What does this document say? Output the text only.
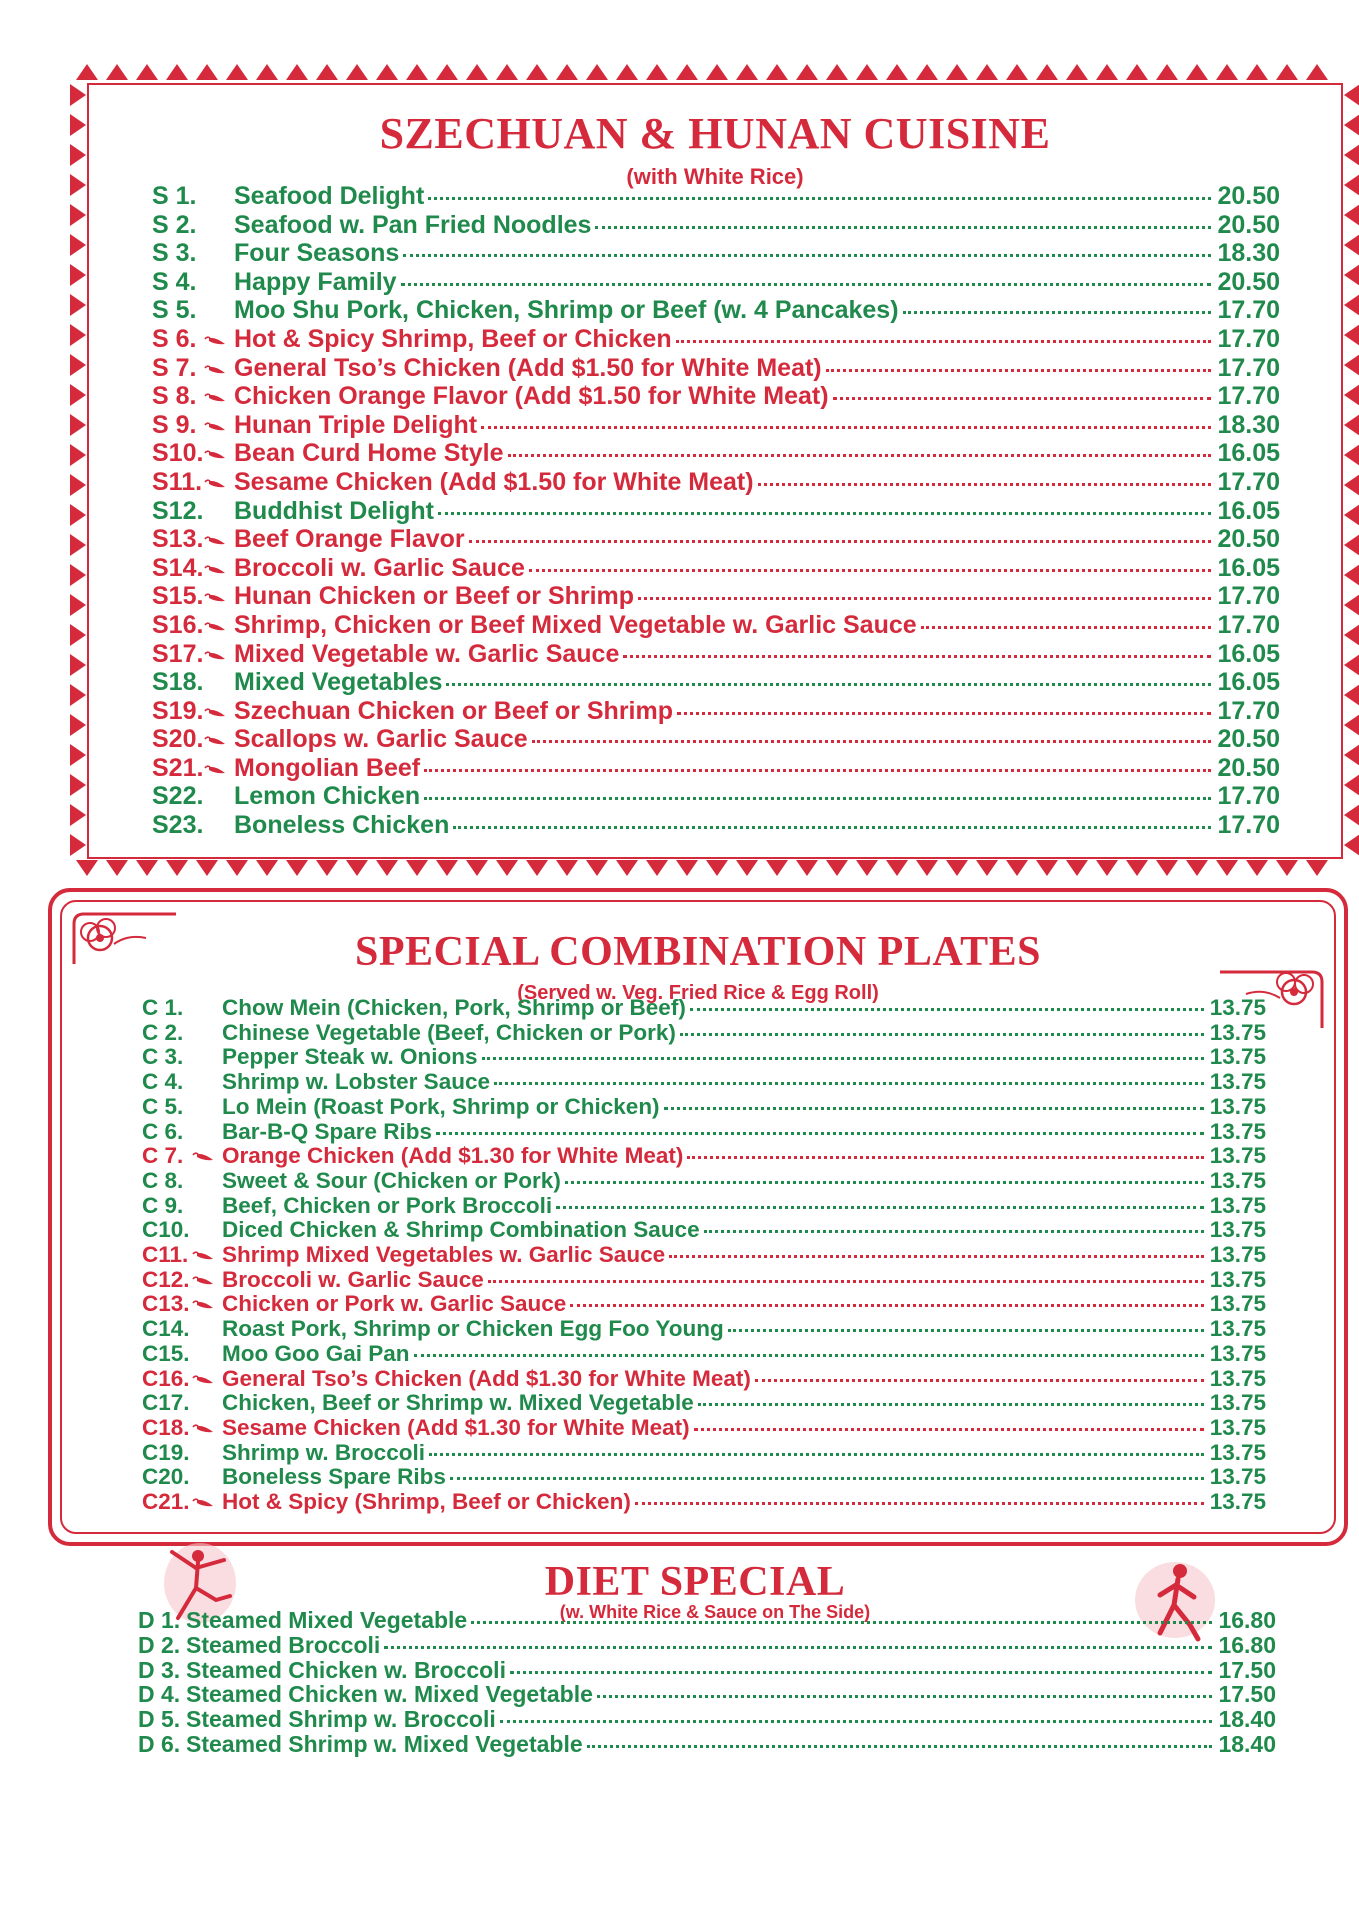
SZECHUAN & HUNAN CUISINE
(with White Rice)
S 1.	Seafood Delight	20.50
S 2.	Seafood w. Pan Fried Noodles	20.50
S 3.	Four Seasons	18.30
S 4.	Happy Family	20.50
S 5.	Moo Shu Pork, Chicken, Shrimp or Beef (w. 4 Pancakes)	17.70
S 6.	Hot & Spicy Shrimp, Beef or Chicken	17.70
S 7.	General Tso’s Chicken (Add $1.50 for White Meat)	17.70
S 8.	Chicken Orange Flavor (Add $1.50 for White Meat)	17.70
S 9.	Hunan Triple Delight	18.30
S10. Bean Curd Home Style	16.05
S11. Sesame Chicken (Add $1.50 for White Meat)	17.70
S12. Buddhist Delight	16.05
S13. Beef Orange Flavor	20.50
S14. Broccoli w. Garlic Sauce	16.05
S15. Hunan Chicken or Beef or Shrimp	17.70
S16. Shrimp, Chicken or Beef Mixed Vegetable w. Garlic Sauce	17.70
S17. Mixed Vegetable w. Garlic Sauce	16.05
S18. Mixed Vegetables	16.05
S19. Szechuan Chicken or Beef or Shrimp	17.70
S20. Scallops w. Garlic Sauce	20.50
S21. Mongolian Beef	20.50
S22. Lemon Chicken	17.70
S23. Boneless Chicken	17.70
SPECIAL COMBINATION PLATES
(Served w. Veg. Fried Rice & Egg Roll)
C 1.	Chow Mein (Chicken, Pork, Shrimp or Beef)	13.75
C 2.	Chinese Vegetable (Beef, Chicken or Pork)	13.75
C 3.	Pepper Steak w. Onions	13.75
C 4.	Shrimp w. Lobster Sauce	13.75
C 5.	Lo Mein (Roast Pork, Shrimp or Chicken)	13.75
C 6.	Bar-B-Q Spare Ribs	13.75
C 7.	Orange Chicken (Add $1.30 for White Meat)	13.75
C 8.	Sweet & Sour (Chicken or Pork)	13.75
C 9.	Beef, Chicken or Pork Broccoli	13.75
C10. Diced Chicken & Shrimp Combination Sauce	13.75
C11. Shrimp Mixed Vegetables w. Garlic Sauce	13.75
C12. Broccoli w. Garlic Sauce	13.75
C13. Chicken or Pork w. Garlic Sauce	13.75
C14. Roast Pork, Shrimp or Chicken Egg Foo Young	13.75
C15. Moo Goo Gai Pan	13.75
C16. General Tso’s Chicken (Add $1.30 for White Meat)	13.75
C17. Chicken, Beef or Shrimp w. Mixed Vegetable	13.75
C18. Sesame Chicken (Add $1.30 for White Meat)	13.75
C19. Shrimp w. Broccoli	13.75
C20. Boneless Spare Ribs	13.75
C21. Hot & Spicy (Shrimp, Beef or Chicken)	13.75
DIET SPECIAL
(w. White Rice & Sauce on The Side)
D 1. Steamed Mixed Vegetable	16.80
D 2. Steamed Broccoli	16.80
D 3. Steamed Chicken w. Broccoli	17.50
D 4. Steamed Chicken w. Mixed Vegetable	17.50
D 5. Steamed Shrimp w. Broccoli	18.40
D 6. Steamed Shrimp w. Mixed Vegetable	18.40
